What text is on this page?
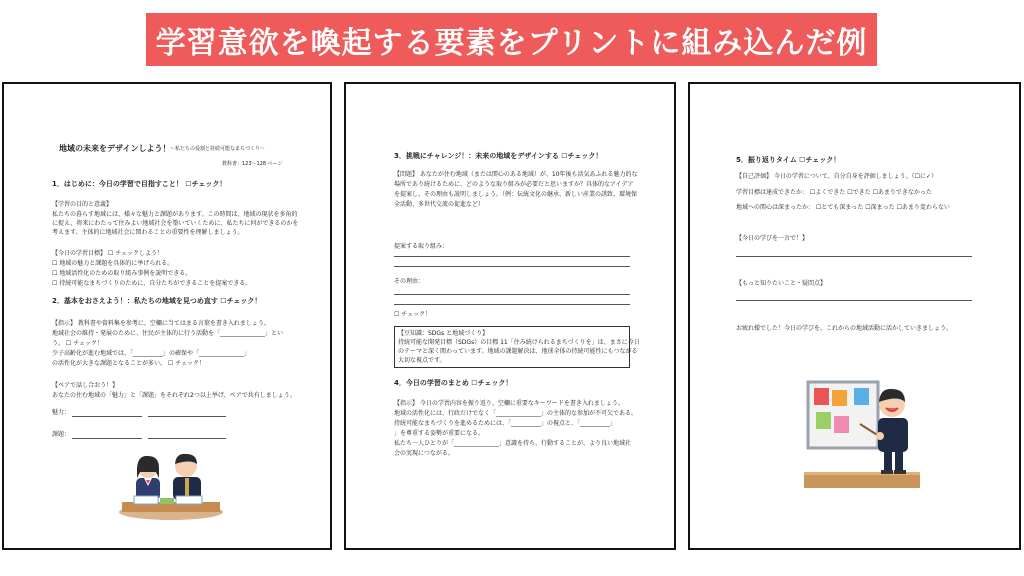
学習意欲を喚起する要素をプリントに組み込んだ例
地域の未来をデザインしよう！ ～私たちの役割と持続可能なまちづくり～
教科書：123～128 ページ
1．はじめに：今日の学習で目指すこと！ ☐チェック！
【学習の目的と意義】
私たちの暮らす地域には、様々な魅力と課題があります。この時間は、地域の現状を多角的
に捉え、将来にわたって住みよい地域社会を築いていくために、私たちに何ができるのかを
考えます。主体的に地域社会に関わることの重要性を理解しましょう。
【今日の学習目標】 ☐ チェックしよう！
☐ 地域の魅力と課題を具体的に挙げられる。
☐ 地域活性化のための取り組み事例を説明できる。
☐ 持続可能なまちづくりのために、自分たちができることを提案できる。
2．基本をおさえよう！：私たちの地域を見つめ直す ☐チェック！
【指示】 教科書や資料集を参考に、空欄に当てはまる言葉を書き入れましょう。
地域社会の維持・発展のために、住民が主体的に行う活動を「_______________」とい
う。 ☐ チェック！
少子高齢化が進む地域では、「__________」の確保や「_______________」
の活性化が大きな課題となることが多い。 ☐ チェック！
【ペアで話し合おう！】
あなたの住む地域の「魅力」と「課題」をそれぞれ2つ以上挙げ、ペアで共有しましょう。
魅力：
課題：
3．挑戦にチャレンジ！：未来の地域をデザインする ☐チェック！
【問題】 あなたが住む地域（または関心のある地域）が、10年後も活気あふれる魅力的な
場所であり続けるために、どのような取り組みが必要だと思いますか？具体的なアイデア
を提案し、その理由も説明しましょう。（例：伝統文化の継承、新しい産業の誘致、環境保
全活動、多世代交流の促進など）
提案する取り組み：
その理由：
☐ チェック！
【豆知識：SDGs と地域づくり】
持続可能な開発目標（SDGs）の目標 11「住み続けられるまちづくりを」は、まさに今日
のテーマと深く関わっています。地域の課題解決は、地球全体の持続可能性にもつながる
大切な視点です。
4．今日の学習のまとめ ☐チェック！
【指示】 今日の学習内容を振り返り、空欄に重要なキーワードを書き入れましょう。
地域の活性化には、行政だけでなく「_______________」の主体的な参加が不可欠である。
持続可能なまちづくりを進めるためには、「__________」の視点と、「__________」
」を尊重する姿勢が重要になる。
私たち一人ひとりが「_______________」意識を持ち、行動することが、より良い地域社
会の実現につながる。
5．振り返りタイム ☐チェック！
【自己評価】 今日の学習について、自分自身を評価しましょう。（☐に✓）
学習目標は達成できたか： ☐よくできた ☐できた ☐あまりできなかった
地域への関心は深まったか： ☐とても深まった ☐深まった ☐あまり変わらない
【今日の学びを一言で！】
【もっと知りたいこと・疑問点】
お疲れ様でした！今日の学びを、これからの地域活動に活かしていきましょう。
